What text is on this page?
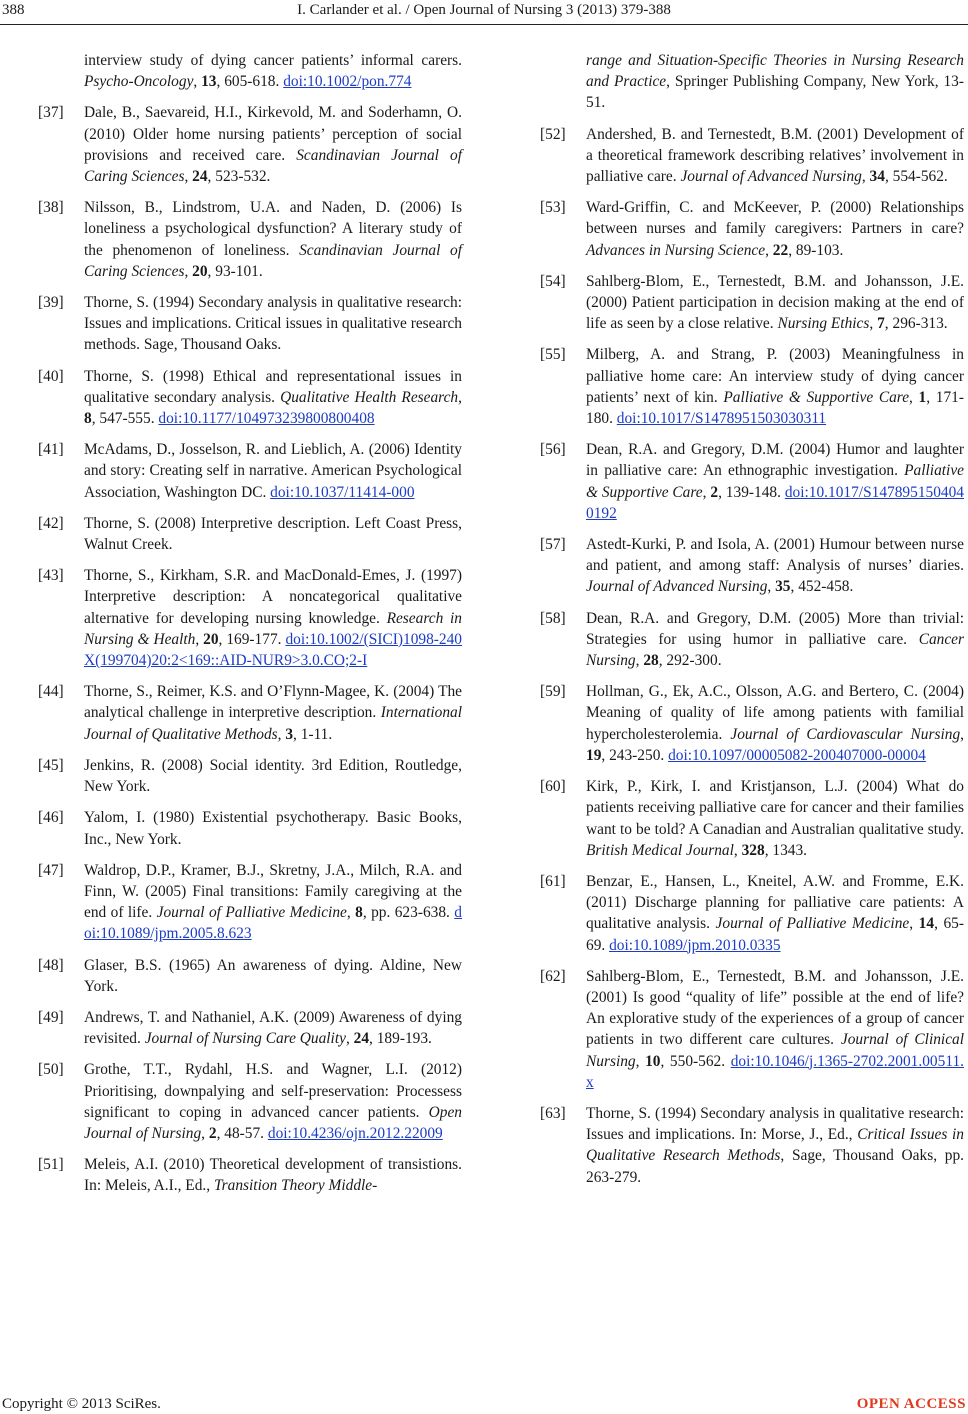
388	I. Carlander et al. / Open Journal of Nursing 3 (2013) 379-388
interview study of dying cancer patients’ informal carers. Psycho-Oncology, 13, 605-618. doi:10.1002/pon.774
[37] Dale, B., Saevareid, H.I., Kirkevold, M. and Soderhamn, O. (2010) Older home nursing patients’ perception of social provisions and received care. Scandinavian Journal of Caring Sciences, 24, 523-532.
[38] Nilsson, B., Lindstrom, U.A. and Naden, D. (2006) Is loneliness a psychological dysfunction? A literary study of the phenomenon of loneliness. Scandinavian Journal of Caring Sciences, 20, 93-101.
[39] Thorne, S. (1994) Secondary analysis in qualitative research: Issues and implications. Critical issues in qualitative research methods. Sage, Thousand Oaks.
[40] Thorne, S. (1998) Ethical and representational issues in qualitative secondary analysis. Qualitative Health Research, 8, 547-555. doi:10.1177/104973239800800408
[41] McAdams, D., Josselson, R. and Lieblich, A. (2006) Identity and story: Creating self in narrative. American Psychological Association, Washington DC. doi:10.1037/11414-000
[42] Thorne, S. (2008) Interpretive description. Left Coast Press, Walnut Creek.
[43] Thorne, S., Kirkham, S.R. and MacDonald-Emes, J. (1997) Interpretive description: A noncategorical qualitative alternative for developing nursing knowledge. Research in Nursing & Health, 20, 169-177. doi:10.1002/(SICI)1098-240X(199704)20:2<169::AID-NUR9>3.0.CO;2-I
[44] Thorne, S., Reimer, K.S. and O’Flynn-Magee, K. (2004) The analytical challenge in interpretive description. International Journal of Qualitative Methods, 3, 1-11.
[45] Jenkins, R. (2008) Social identity. 3rd Edition, Routledge, New York.
[46] Yalom, I. (1980) Existential psychotherapy. Basic Books, Inc., New York.
[47] Waldrop, D.P., Kramer, B.J., Skretny, J.A., Milch, R.A. and Finn, W. (2005) Final transitions: Family caregiving at the end of life. Journal of Palliative Medicine, 8, pp. 623-638. doi:10.1089/jpm.2005.8.623
[48] Glaser, B.S. (1965) An awareness of dying. Aldine, New York.
[49] Andrews, T. and Nathaniel, A.K. (2009) Awareness of dying revisited. Journal of Nursing Care Quality, 24, 189-193.
[50] Grothe, T.T., Rydahl, H.S. and Wagner, L.I. (2012) Prioritising, downpalying and self-preservation: Processess significant to coping in advanced cancer patients. Open Journal of Nursing, 2, 48-57. doi:10.4236/ojn.2012.22009
[51] Meleis, A.I. (2010) Theoretical development of transistions. In: Meleis, A.I., Ed., Transition Theory Middle-
range and Situation-Specific Theories in Nursing Research and Practice, Springer Publishing Company, New York, 13-51.
[52] Andershed, B. and Ternestedt, B.M. (2001) Development of a theoretical framework describing relatives’ involvement in palliative care. Journal of Advanced Nursing, 34, 554-562.
[53] Ward-Griffin, C. and McKeever, P. (2000) Relationships between nurses and family caregivers: Partners in care? Advances in Nursing Science, 22, 89-103.
[54] Sahlberg-Blom, E., Ternestedt, B.M. and Johansson, J.E. (2000) Patient participation in decision making at the end of life as seen by a close relative. Nursing Ethics, 7, 296-313.
[55] Milberg, A. and Strang, P. (2003) Meaningfulness in palliative home care: An interview study of dying cancer patients’ next of kin. Palliative & Supportive Care, 1, 171-180. doi:10.1017/S1478951503030311
[56] Dean, R.A. and Gregory, D.M. (2004) Humor and laughter in palliative care: An ethnographic investigation. Palliative & Supportive Care, 2, 139-148. doi:10.1017/S1478951504040192
[57] Astedt-Kurki, P. and Isola, A. (2001) Humour between nurse and patient, and among staff: Analysis of nurses’ diaries. Journal of Advanced Nursing, 35, 452-458.
[58] Dean, R.A. and Gregory, D.M. (2005) More than trivial: Strategies for using humor in palliative care. Cancer Nursing, 28, 292-300.
[59] Hollman, G., Ek, A.C., Olsson, A.G. and Bertero, C. (2004) Meaning of quality of life among patients with familial hypercholesterolemia. Journal of Cardiovascular Nursing, 19, 243-250. doi:10.1097/00005082-200407000-00004
[60] Kirk, P., Kirk, I. and Kristjanson, L.J. (2004) What do patients receiving palliative care for cancer and their families want to be told? A Canadian and Australian qualitative study. British Medical Journal, 328, 1343.
[61] Benzar, E., Hansen, L., Kneitel, A.W. and Fromme, E.K. (2011) Discharge planning for palliative care patients: A qualitative analysis. Journal of Palliative Medicine, 14, 65-69. doi:10.1089/jpm.2010.0335
[62] Sahlberg-Blom, E., Ternestedt, B.M. and Johansson, J.E. (2001) Is good “quality of life” possible at the end of life? An explorative study of the experiences of a group of cancer patients in two different care cultures. Journal of Clinical Nursing, 10, 550-562. doi:10.1046/j.1365-2702.2001.00511.x
[63] Thorne, S. (1994) Secondary analysis in qualitative research: Issues and implications. In: Morse, J., Ed., Critical Issues in Qualitative Research Methods, Sage, Thousand Oaks, pp. 263-279.
Copyright © 2013 SciRes.	OPEN ACCESS
